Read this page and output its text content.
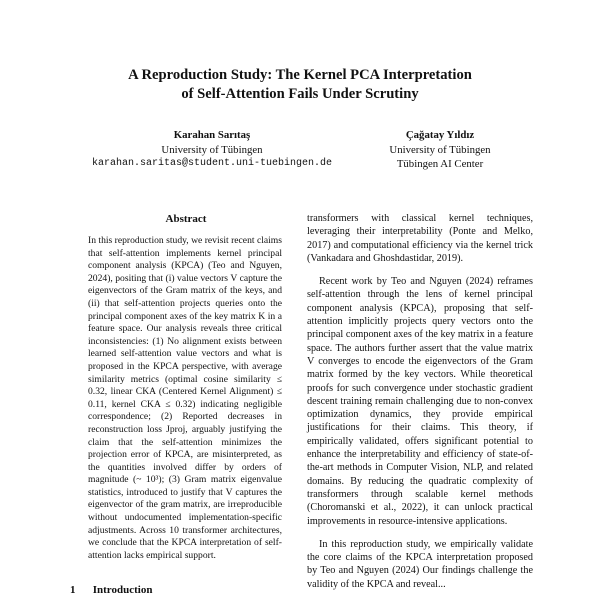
A Reproduction Study: The Kernel PCA Interpretation
of Self-Attention Fails Under Scrutiny
Karahan Sarıtaş
University of Tübingen
karahan.saritas@student.uni-tuebingen.de
Çağatay Yıldız
University of Tübingen
Tübingen AI Center
Abstract
In this reproduction study, we revisit recent claims that self-attention implements kernel principal component analysis (KPCA) (Teo and Nguyen, 2024), positing that (i) value vectors V capture the eigenvectors of the Gram matrix of the keys, and (ii) that self-attention projects queries onto the principal component axes of the key matrix K in a feature space. Our analysis reveals three critical inconsistencies: (1) No alignment exists between learned self-attention value vectors and what is proposed in the KPCA perspective, with average similarity metrics (optimal cosine similarity ≤ 0.32, linear CKA (Centered Kernel Alignment) ≤ 0.11, kernel CKA ≤ 0.32) indicating negligible correspondence; (2) Reported decreases in reconstruction loss Jproj, arguably justifying the claim that the self-attention minimizes the projection error of KPCA, are misinterpreted, as the quantities involved differ by orders of magnitude (~ 10³); (3) Gram matrix eigenvalue statistics, introduced to justify that V captures the eigenvector of the gram matrix, are irreproducible without undocumented implementation-specific adjustments. Across 10 transformer architectures, we conclude that the KPCA interpretation of self-attention lacks empirical support.
1 Introduction

transformers with classical kernel techniques, leveraging their interpretability (Ponte and Melko, 2017) and computational efficiency via the kernel trick (Vankadara and Ghoshdastidar, 2019).

Recent work by Teo and Nguyen (2024) reframes self-attention through the lens of kernel principal component analysis (KPCA), proposing that self-attention implicitly projects query vectors onto the principal component axes of the key matrix in a feature space. The authors further assert that the value matrix V converges to encode the eigenvectors of the Gram matrix formed by the key vectors. While theoretical proofs for such convergence under stochastic gradient descent training remain challenging due to non-convex optimization dynamics, they provide empirical justifications for their claims. This theory, if empirically validated, offers significant potential to enhance the interpretability and efficiency of state-of-the-art methods in Computer Vision, NLP, and related domains. By reducing the quadratic complexity of transformers through scalable kernel methods (Choromanski et al., 2022), it can unlock practical improvements in resource-intensive applications.

In this reproduction study, we empirically validate the core claims of the KPCA interpretation proposed by Teo and Nguyen (2024) Our findings challenge the validity of the KPCA and reveal...
